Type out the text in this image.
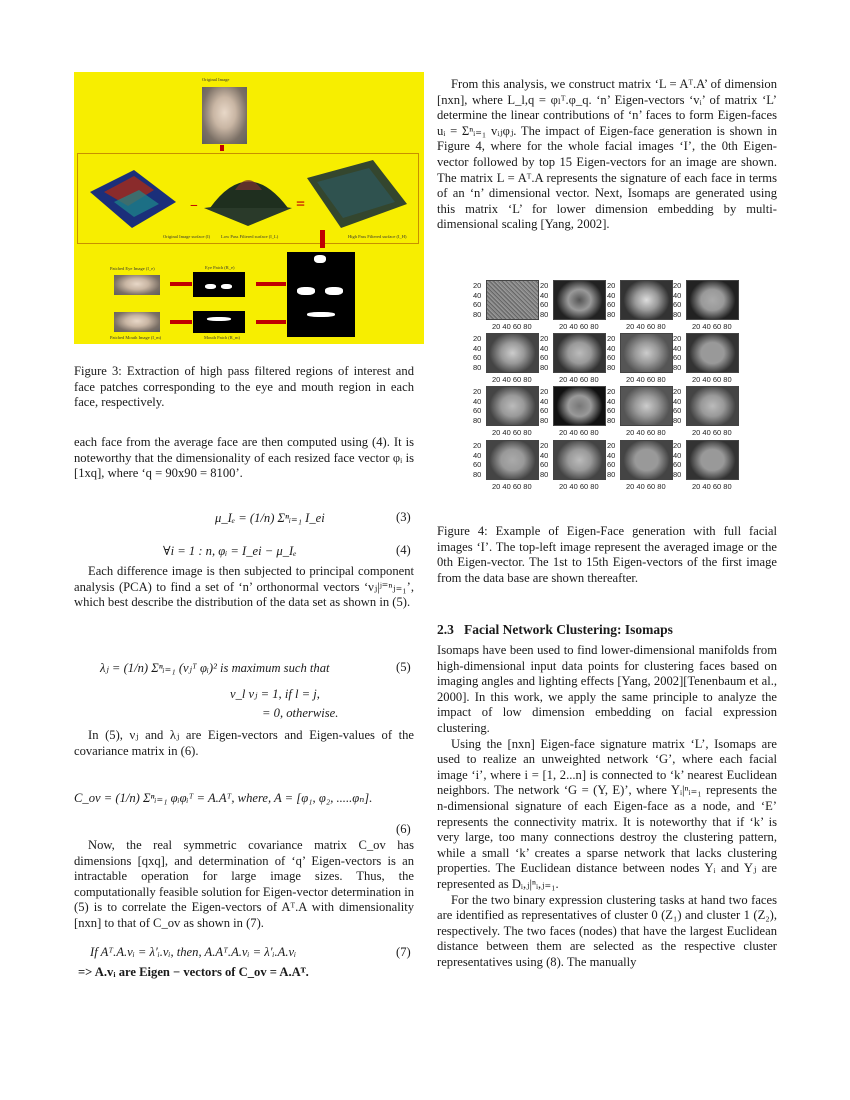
Original Image
−	=
Original Image surface (I) Low Pass Filtered surface (I_L)	High Pass Filtered surface (I_H)
Eye Patch (R_e)
Mouth Patch (R_m)
Patched Eye Image (I_e)
Patched Mouth Image (I_m)
Figure 3: Extraction of high pass filtered regions of interest and face patches corresponding to the eye and mouth region in each face, respectively.

each face from the average face are then computed using (4). It is noteworthy that the dimensionality of each resized face vector φᵢ is [1xq], where ‘q = 90x90 = 8100’.

μ_Iₑ = (1/n) Σⁿᵢ₌₁ I_ei	(3)
∀i = 1 : n, φᵢ = I_ei − μ_Iₑ	(4)

Each difference image is then subjected to principal component analysis (PCA) to find a set of ‘n’ orthonormal vectors ‘νⱼ|ʲ⁼ⁿⱼ₌₁’, which best describe the distribution of the data set as shown in (5).

λⱼ = (1/n) Σⁿᵢ₌₁ (νⱼᵀ φᵢ)² is maximum such that	(5)
ν_l νⱼ = 1, if l = j,
= 0, otherwise.

In (5), νⱼ and λⱼ are Eigen-vectors and Eigen-values of the covariance matrix in (6).

C_ov = (1/n) Σⁿᵢ₌₁ φᵢφᵢᵀ = A.Aᵀ, where, A = [φ₁, φ₂, .....φₙ].
(6)

Now, the real symmetric covariance matrix C_ov has dimensions [qxq], and determination of ‘q’ Eigen-vectors is an intractable operation for large image sizes. Thus, the computationally feasible solution for Eigen-vector determination in (5) is to correlate the Eigen-vectors of Aᵀ.A with dimensionality [nxn] to that of C_ov as shown in (7).

If Aᵀ.A.vᵢ = λ′ᵢ.vᵢ, then, A.Aᵀ.A.vᵢ = λ′ᵢ.A.vᵢ	(7)
=> A.vᵢ are Eigen − vectors of C_ov = A.Aᵀ.

From this analysis, we construct matrix ‘L = Aᵀ.A’ of dimension [nxn], where L_l,q = φₗᵀ.φ_q. ‘n’ Eigen-vectors ‘vᵢ’ of matrix ‘L’ determine the linear contributions of ‘n’ faces to form Eigen-faces uᵢ = Σⁿᵢ₌₁ vᵢⱼφⱼ. The impact of Eigen-face generation is shown in Figure 4, where for the whole facial images ‘I’, the 0th Eigen-vector followed by top 15 Eigen-vectors for an image are shown. The matrix L = Aᵀ.A represents the signature of each face in terms of an ‘n’ dimensional vector. Next, Isomaps are generated using this matrix ‘L’ for lower dimension embedding by multi-dimensional scaling [Yang, 2002].

20
40
60
80
20 40 60 80
20
40
60
80
20 40 60 80
20
40
60
80
20 40 60 80
20
40
60
80
20 40 60 80
20
40
60
80
20 40 60 80
20
40
60
80
20 40 60 80
20
40
60
80
20 40 60 80
20
40
60
80
20 40 60 80
20
40
60
80
20 40 60 80
20
40
60
80
20 40 60 80
20
40
60
80
20 40 60 80
20
40
60
80
20 40 60 80
20
40
60
80
20 40 60 80
20
40
60
80
20 40 60 80
20
40
60
80
20 40 60 80
20
40
60
80
20 40 60 80
Figure 4: Example of Eigen-Face generation with full facial images ‘I’. The top-left image represent the averaged image or the 0th Eigen-vector. The 1st to 15th Eigen-vectors of the first image from the data base are shown thereafter.
2.3 Facial Network Clustering: Isomaps

Isomaps have been used to find lower-dimensional manifolds from high-dimensional input data points for clustering faces based on imaging angles and lighting effects [Yang, 2002][Tenenbaum et al., 2000]. In this work, we apply the same principle to analyze the impact of low dimension embedding on facial expression clustering.

Using the [nxn] Eigen-face signature matrix ‘L’, Isomaps are used to realize an unweighted network ‘G’, where each facial image ‘i’, where i = [1, 2...n] is connected to ‘k’ nearest Euclidean neighbors. The network ‘G = (Y, E)’, where Yᵢ|ⁿᵢ₌₁ represents the n-dimensional signature of each Eigen-face as a node, and ‘E’ represents the connectivity matrix. It is noteworthy that if ‘k’ is very large, too many connections destroy the clustering pattern, while a small ‘k’ creates a sparse network that lacks clustering properties. The Euclidean distance between nodes Yᵢ and Yⱼ are represented as Dᵢ,ⱼ|ⁿᵢ,ⱼ₌₁.

For the two binary expression clustering tasks at hand two faces are identified as representatives of cluster 0 (Z₁) and cluster 1 (Z₂), respectively. The two faces (nodes) that have the largest Euclidean distance between them are selected as the respective cluster representatives using (8). The manually
